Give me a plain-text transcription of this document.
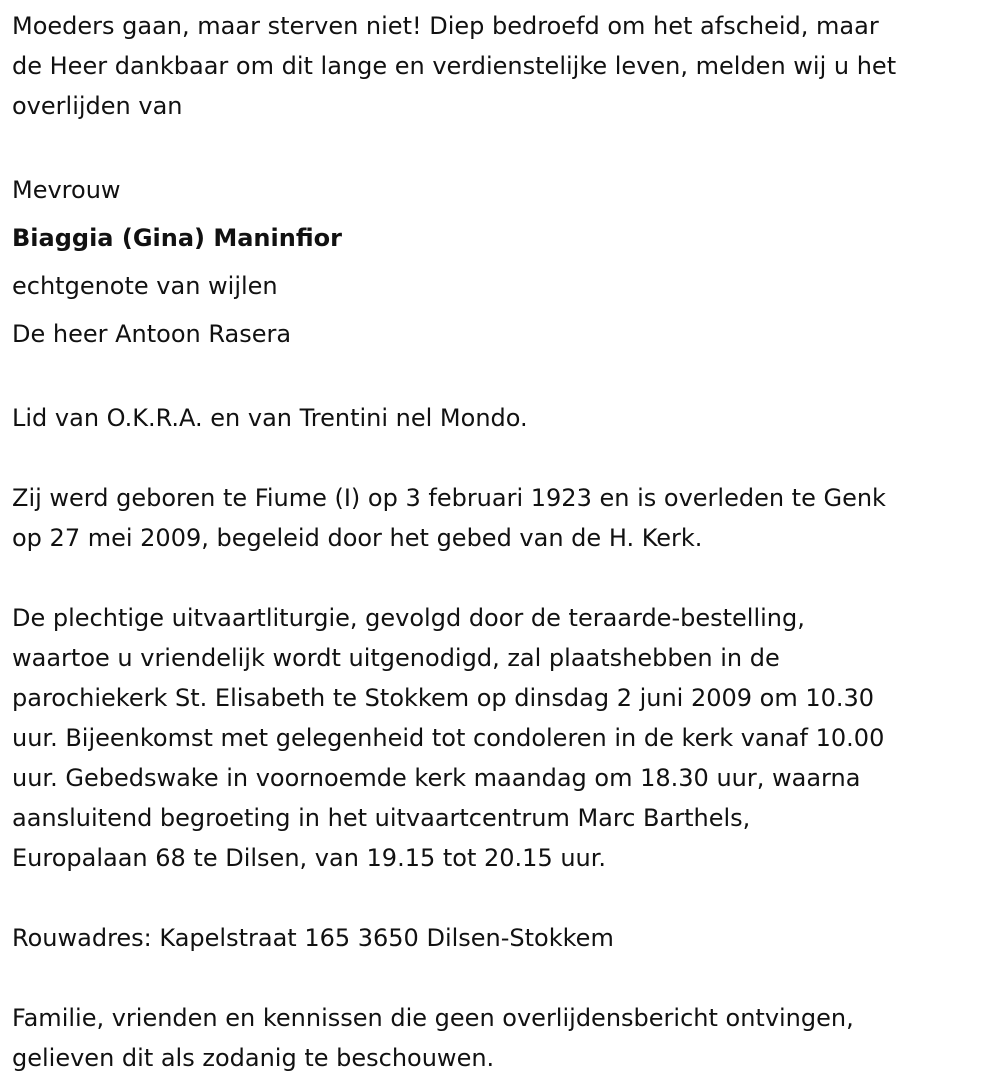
Moeders gaan, maar sterven niet! Diep bedroefd om het afscheid, maar
de Heer dankbaar om dit lange en verdienstelijke leven, melden wij u het
overlijden van

Mevrouw

Biaggia (Gina) Maninfior

echtgenote van wijlen

De heer Antoon Rasera

Lid van O.K.R.A. en van Trentini nel Mondo.

Zij werd geboren te Fiume (I) op 3 februari 1923 en is overleden te Genk
op 27 mei 2009, begeleid door het gebed van de H. Kerk.

De plechtige uitvaartliturgie, gevolgd door de teraarde-bestelling,
waartoe u vriendelijk wordt uitgenodigd, zal plaatshebben in de
parochiekerk St. Elisabeth te Stokkem op dinsdag 2 juni 2009 om 10.30
uur. Bijeenkomst met gelegenheid tot condoleren in de kerk vanaf 10.00
uur. Gebedswake in voornoemde kerk maandag om 18.30 uur, waarna
aansluitend begroeting in het uitvaartcentrum Marc Barthels,
Europalaan 68 te Dilsen, van 19.15 tot 20.15 uur.

Rouwadres: Kapelstraat 165 3650 Dilsen-Stokkem

Familie, vrienden en kennissen die geen overlijdensbericht ontvingen,
gelieven dit als zodanig te beschouwen.
